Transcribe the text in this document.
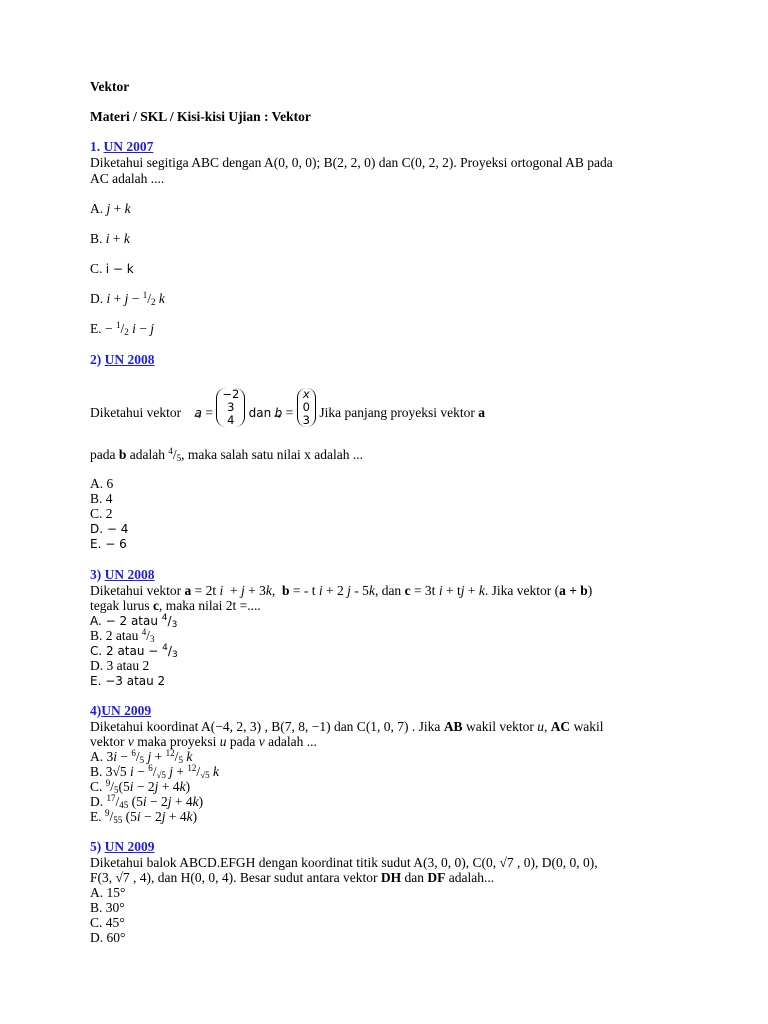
Vektor
Materi / SKL / Kisi-kisi Ujian : Vektor
1. UN 2007
Diketahui segitiga ABC dengan A(0, 0, 0); B(2, 2, 0) dan C(0, 2, 2). Proyeksi ortogonal AB pada
AC adalah ....
A. j + k
B. i + k
C. i − k
D. $i + j - ^1/_2$ k
E. − $^1/_2$ i − j
2) UN 2008
Diketahui vektor → a = −2
3
4 dan → b = x
0
3 Jika panjang proyeksi vektor a
pada b adalah $^4/_5$, maka salah satu nilai x adalah ...
A. 6
B. 4
C. 2
D. − 4
E. − 6
3) UN 2008
Diketahui vektor a = 2t i  + j + 3k,  b = - t i + 2 j - 5k, dan c = 3t i + tj + k. Jika vektor (a + b)
tegak lurus c, maka nilai 2t =....
A. − 2 atau $^4/_3$
B. 2 atau $^4/_3$
C. 2 atau − $^4/_3$
D. 3 atau 2
E. −3 atau 2
4)UN 2009
Diketahui koordinat A(−4, 2, 3) , B(7, 8, −1) dan C(1, 0, 7) . Jika AB wakil vektor u, AC wakil
vektor v maka proyeksi u pada v adalah ...
A. $3i - ^6/_5$ $j + ^{12}/_5$ k
B. 3√5 $i - ^6/_{√5}$ $j + ^{12}/_{√5}$ k
C. $^9/_5(5i - 2j + 4k)$
D. $^{17}/_{45}$ (5i − 2j + 4k)
E. $^9/_{55}$ (5i − 2j + 4k)
5) UN 2009
Diketahui balok ABCD.EFGH dengan koordinat titik sudut A(3, 0, 0), C(0, √7 , 0), D(0, 0, 0),
F(3, √7 , 4), dan H(0, 0, 4). Besar sudut antara vektor DH dan DF adalah...
A. 15°
B. 30°
C. 45°
D. 60°
